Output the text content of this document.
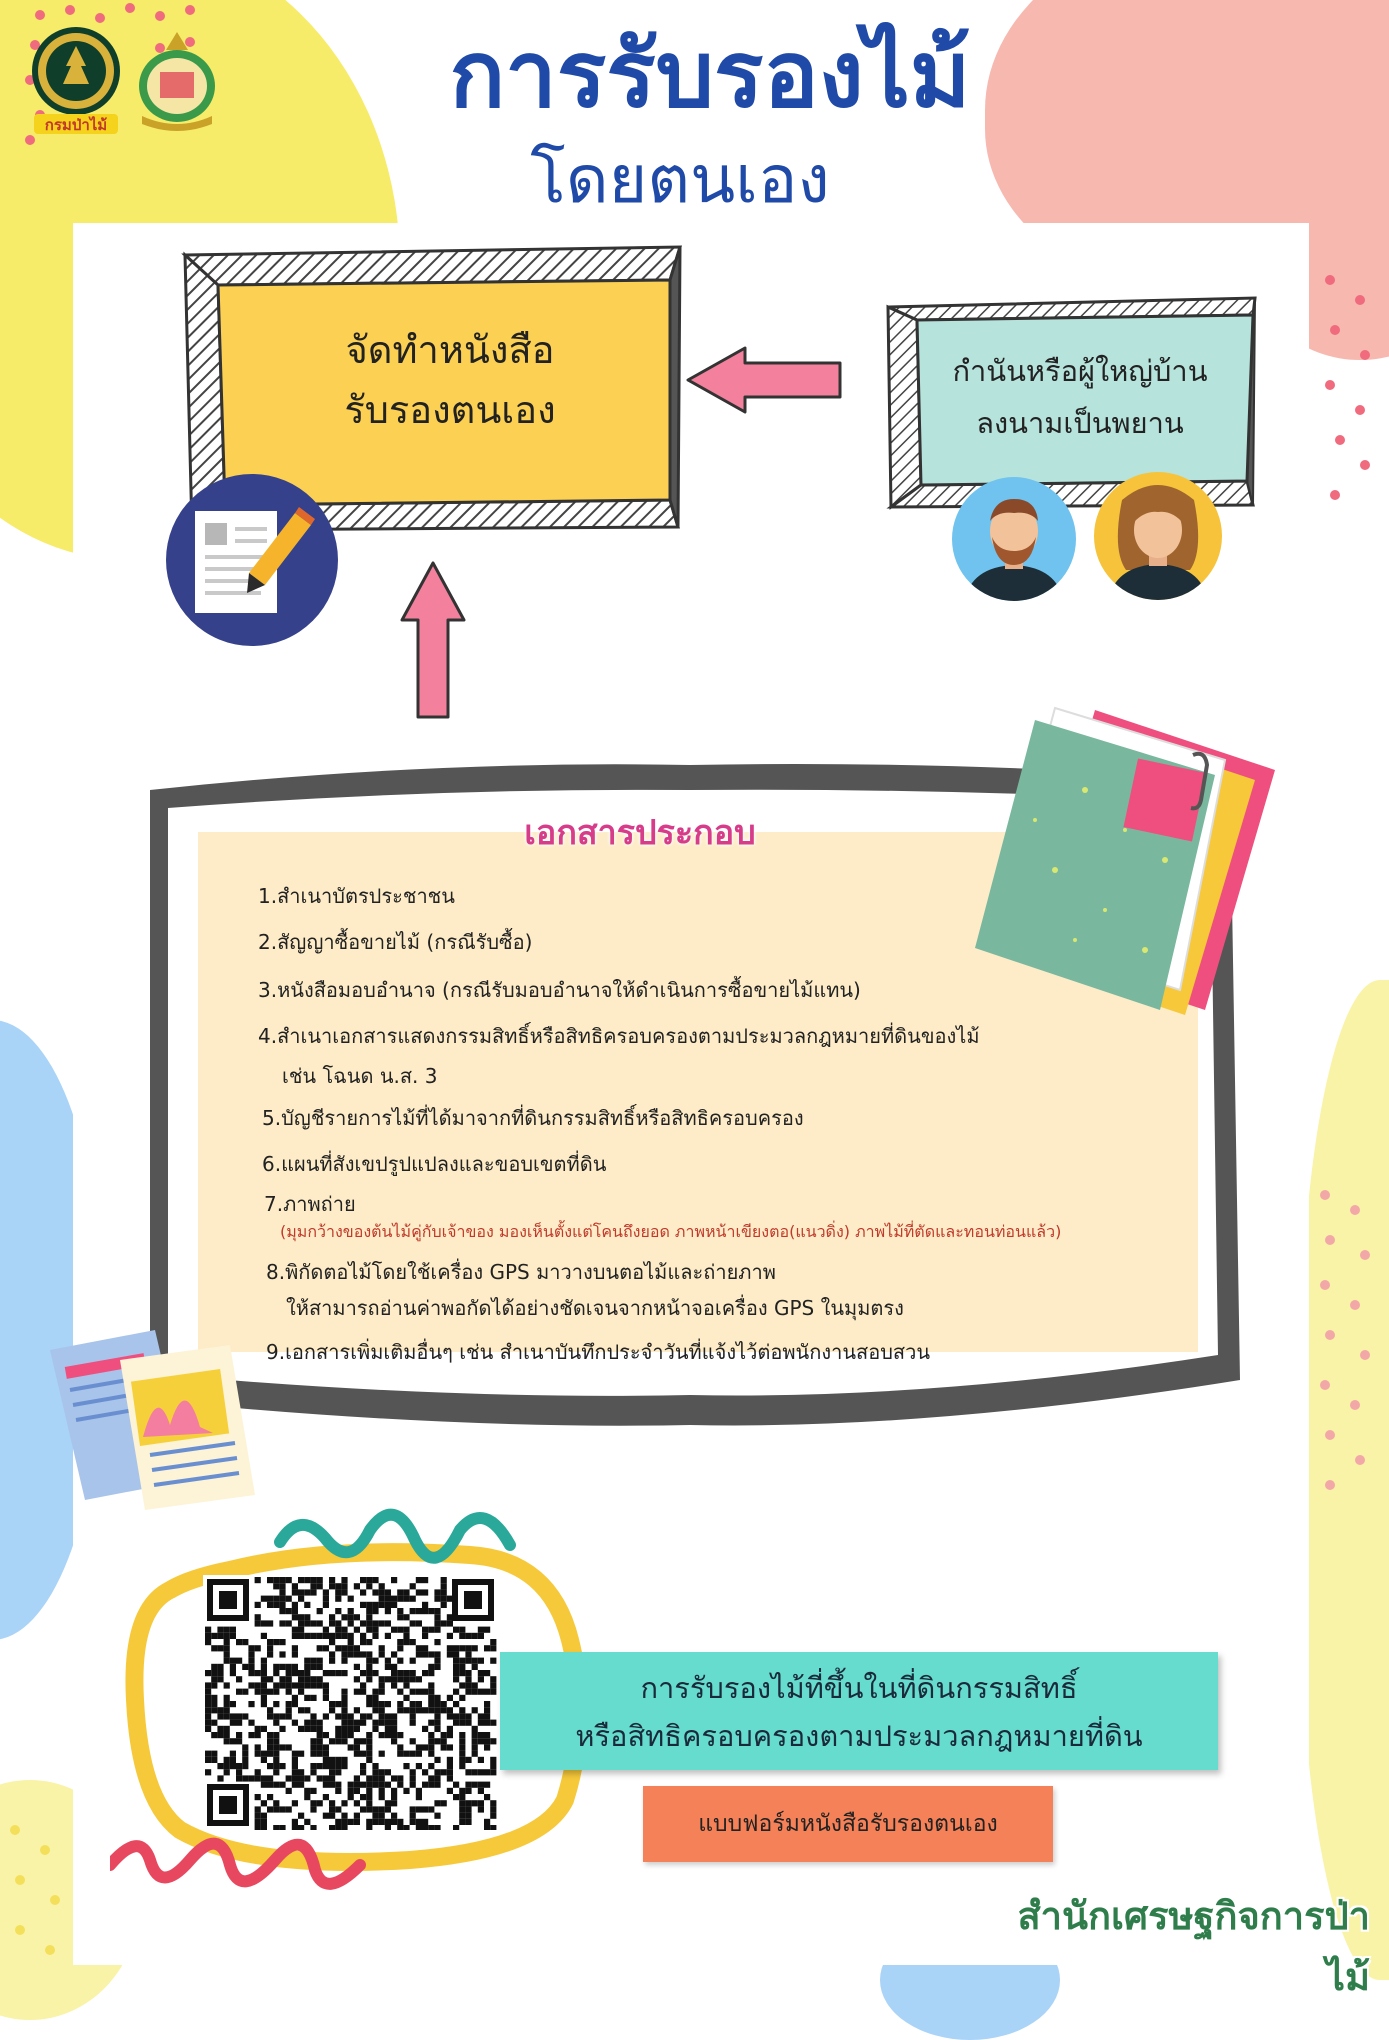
กรมป่าไม้	การรับรองไม้
โดยตนเอง
จัดทำหนังสือ
รับรองตนเอง
กำนันหรือผู้ใหญ่บ้าน
ลงนามเป็นพยาน
เอกสารประกอบ
1.สำเนาบัตรประชาชน
2.สัญญาซื้อขายไม้ (กรณีรับซื้อ)
3.หนังสือมอบอำนาจ (กรณีรับมอบอำนาจให้ดำเนินการซื้อขายไม้แทน)
4.สำเนาเอกสารแสดงกรรมสิทธิ์หรือสิทธิครอบครองตามประมวลกฎหมายที่ดินของไม้
เช่น โฉนด น.ส. 3
5.บัญชีรายการไม้ที่ได้มาจากที่ดินกรรมสิทธิ์หรือสิทธิครอบครอง
6.แผนที่สังเขปรูปแปลงและขอบเขตที่ดิน
7.ภาพถ่าย
(มุมกว้างของต้นไม้คู่กับเจ้าของ มองเห็นตั้งแต่โคนถึงยอด ภาพหน้าเขียงตอ(แนวดิ่ง) ภาพไม้ที่ตัดและทอนท่อนแล้ว)
8.พิกัดตอไม้โดยใช้เครื่อง GPS มาวางบนตอไม้และถ่ายภาพ
ให้สามารถอ่านค่าพอกัดได้อย่างชัดเจนจากหน้าจอเครื่อง GPS ในมุมตรง
9.เอกสารเพิ่มเติมอื่นๆ เช่น สำเนาบันทึกประจำวันที่แจ้งไว้ต่อพนักงานสอบสวน
การรับรองไม้ที่ขึ้นในที่ดินกรรมสิทธิ์
หรือสิทธิครอบครองตามประมวลกฎหมายที่ดิน
แบบฟอร์มหนังสือรับรองตนเอง
สำนักเศรษฐกิจการป่าไม้
